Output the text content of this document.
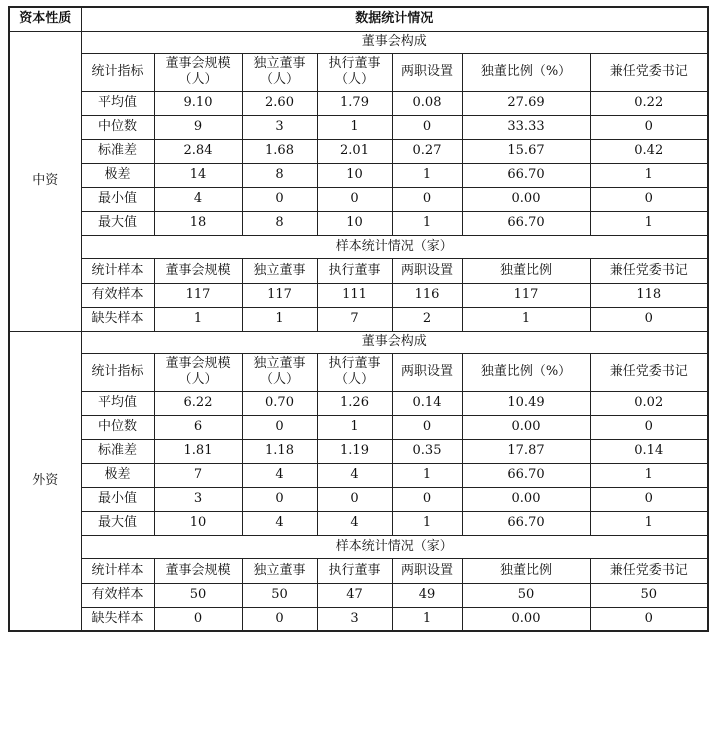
资本性质	数据统计情况						
中资	董事会构成						
	统计指标	董事会规模（人）	独立董事（人）	执行董事（人）	两职设置	独董比例（%）	兼任党委书记
	平均值	9.10	2.60	1.79	0.08	27.69	0.22
	中位数	9	3	1	0	33.33	0
	标准差	2.84	1.68	2.01	0.27	15.67	0.42
	极差	14	8	10	1	66.70	1
	最小值	4	0	0	0	0.00	0
	最大值	18	8	10	1	66.70	1
	样本统计情况（家）						
	统计样本	董事会规模	独立董事	执行董事	两职设置	独董比例	兼任党委书记
	有效样本	117	117	111	116	117	118
	缺失样本	1	1	7	2	1	0
外资	董事会构成						
	统计指标	董事会规模（人）	独立董事（人）	执行董事（人）	两职设置	独董比例（%）	兼任党委书记
	平均值	6.22	0.70	1.26	0.14	10.49	0.02
	中位数	6	0	1	0	0.00	0
	标准差	1.81	1.18	1.19	0.35	17.87	0.14
	极差	7	4	4	1	66.70	1
	最小值	3	0	0	0	0.00	0
	最大值	10	4	4	1	66.70	1
	样本统计情况（家）						
	统计样本	董事会规模	独立董事	执行董事	两职设置	独董比例	兼任党委书记
	有效样本	50	50	47	49	50	50
	缺失样本	0	0	3	1	0.00	0
